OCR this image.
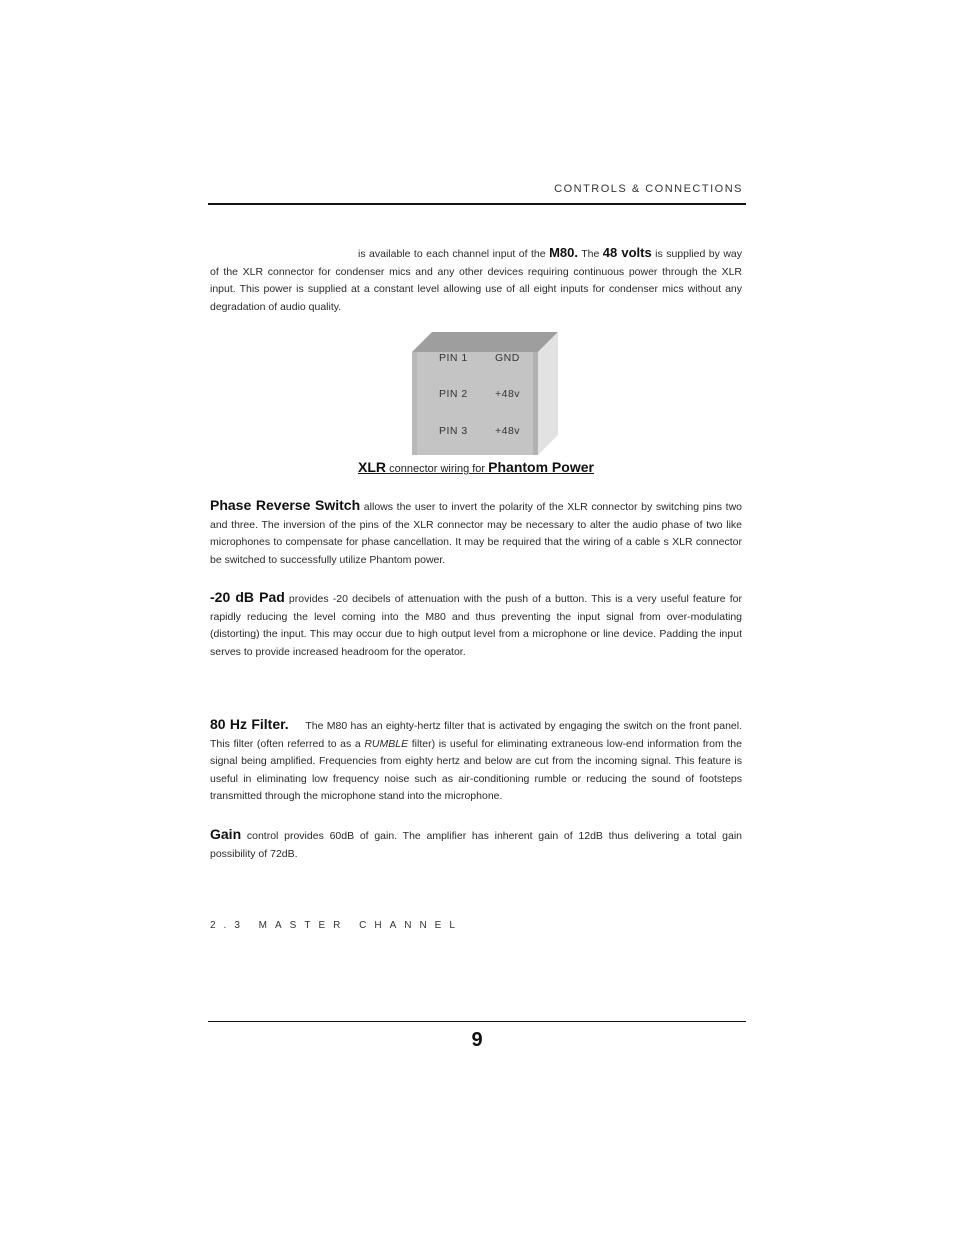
CONTROLS & CONNECTIONS

is available to each channel input of the M80. The 48 volts is supplied by way of the XLR connector for condenser mics and any other devices requiring continuous power through the XLR input. This power is supplied at a constant level allowing use of all eight inputs for condenser mics without any degradation of audio quality.

PIN 1	GND
PIN 2	+48v
PIN 3	+48v
XLR connector wiring for Phantom Power

Phase Reverse Switch allows the user to invert the polarity of the XLR connector by switching pins two and three. The inversion of the pins of the XLR connector may be necessary to alter the audio phase of two like microphones to compensate for phase cancellation. It may be required that the wiring of a cable s XLR connector be switched to successfully utilize Phantom power.

-20 dB Pad provides -20 decibels of attenuation with the push of a button. This is a very useful feature for rapidly reducing the level coming into the M80 and thus preventing the input signal from over-modulating (distorting) the input. This may occur due to high output level from a microphone or line device. Padding the input serves to provide increased headroom for the operator.

80 Hz Filter.     The M80 has an eighty-hertz filter that is activated by engaging the switch on the front panel.  This filter (often referred to as a RUMBLE filter) is useful for eliminating extraneous low-end information from the signal being amplified. Frequencies from eighty hertz and below are cut from the incoming signal. This feature is useful in eliminating low frequency noise such as air-conditioning rumble or reducing the sound of footsteps transmitted through the microphone stand into the microphone.

Gain control provides 60dB of gain. The amplifier has inherent gain of 12dB thus delivering a total gain possibility of 72dB.

2.3 MASTER CHANNEL
9
